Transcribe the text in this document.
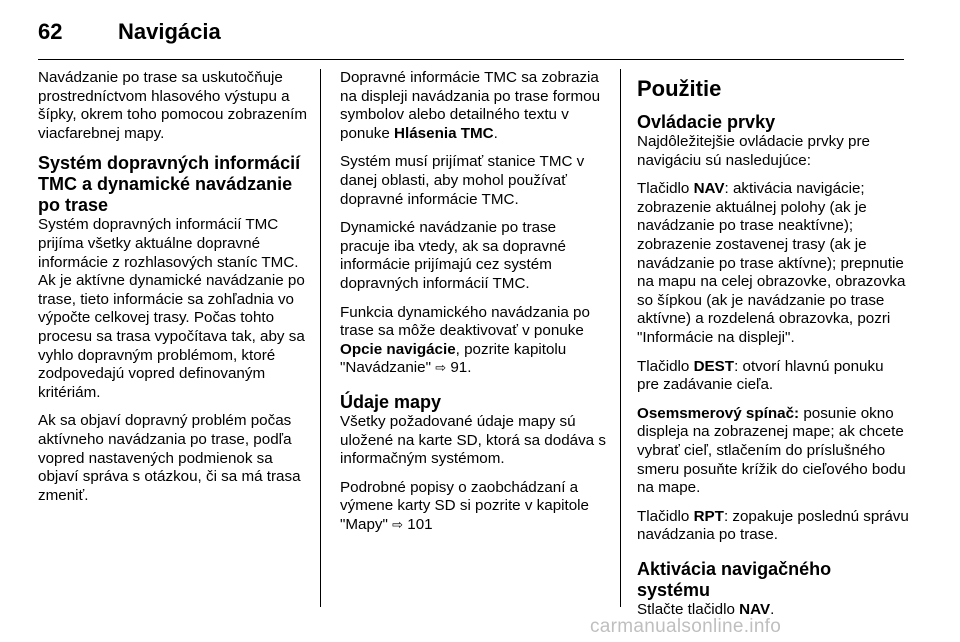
62	Navigácia

Navádzanie po trase sa uskutočňuje prostredníctvom hlasového výstupu a šípky, okrem toho pomocou zobrazením viacfarebnej mapy.

Systém dopravných informácií TMC a dynamické navádzanie po trase

Systém dopravných informácií TMC prijíma všetky aktuálne dopravné informácie z rozhlasových staníc TMC. Ak je aktívne dynamické navádzanie po trase, tieto informácie sa zohľadnia vo výpočte celkovej trasy. Počas tohto procesu sa trasa vypočítava tak, aby sa vyhlo dopravným problémom, ktoré zodpovedajú vopred definovaným kritériám.

Ak sa objaví dopravný problém počas aktívneho navádzania po trase, podľa vopred nastavených podmienok sa objaví správa s otázkou, či sa má trasa zmeniť.

Dopravné informácie TMC sa zobrazia na displeji navádzania po trase formou symbolov alebo detailného textu v ponuke Hlásenia TMC.

Systém musí prijímať stanice TMC v danej oblasti, aby mohol používať dopravné informácie TMC.

Dynamické navádzanie po trase pracuje iba vtedy, ak sa dopravné informácie prijímajú cez systém dopravných informácií TMC.

Funkcia dynamického navádzania po trase sa môže deaktivovať v ponuke Opcie navigácie, pozrite kapitolu "Navádzanie" ⇨ 91.

Údaje mapy

Všetky požadované údaje mapy sú uložené na karte SD, ktorá sa dodáva s informačným systémom.

Podrobné popisy o zaobchádzaní a výmene karty SD si pozrite v kapitole "Mapy" ⇨ 101

Použitie
Ovládacie prvky

Najdôležitejšie ovládacie prvky pre navigáciu sú nasledujúce:

Tlačidlo NAV: aktivácia navigácie; zobrazenie aktuálnej polohy (ak je navádzanie po trase neaktívne); zobrazenie zostavenej trasy (ak je navádzanie po trase aktívne); prepnutie na mapu na celej obrazovke, obrazovka so šípkou (ak je navádzanie po trase aktívne) a rozdelená obrazovka, pozri "Informácie na displeji".

Tlačidlo DEST: otvorí hlavnú ponuku pre zadávanie cieľa.

Osemsmerový spínač: posunie okno displeja na zobrazenej mape; ak chcete vybrať cieľ, stlačením do príslušného smeru posuňte krížik do cieľového bodu na mape.

Tlačidlo RPT: zopakuje poslednú správu navádzania po trase.

Aktivácia navigačného systému

Stlačte tlačidlo NAV.

carmanualsonline.info
